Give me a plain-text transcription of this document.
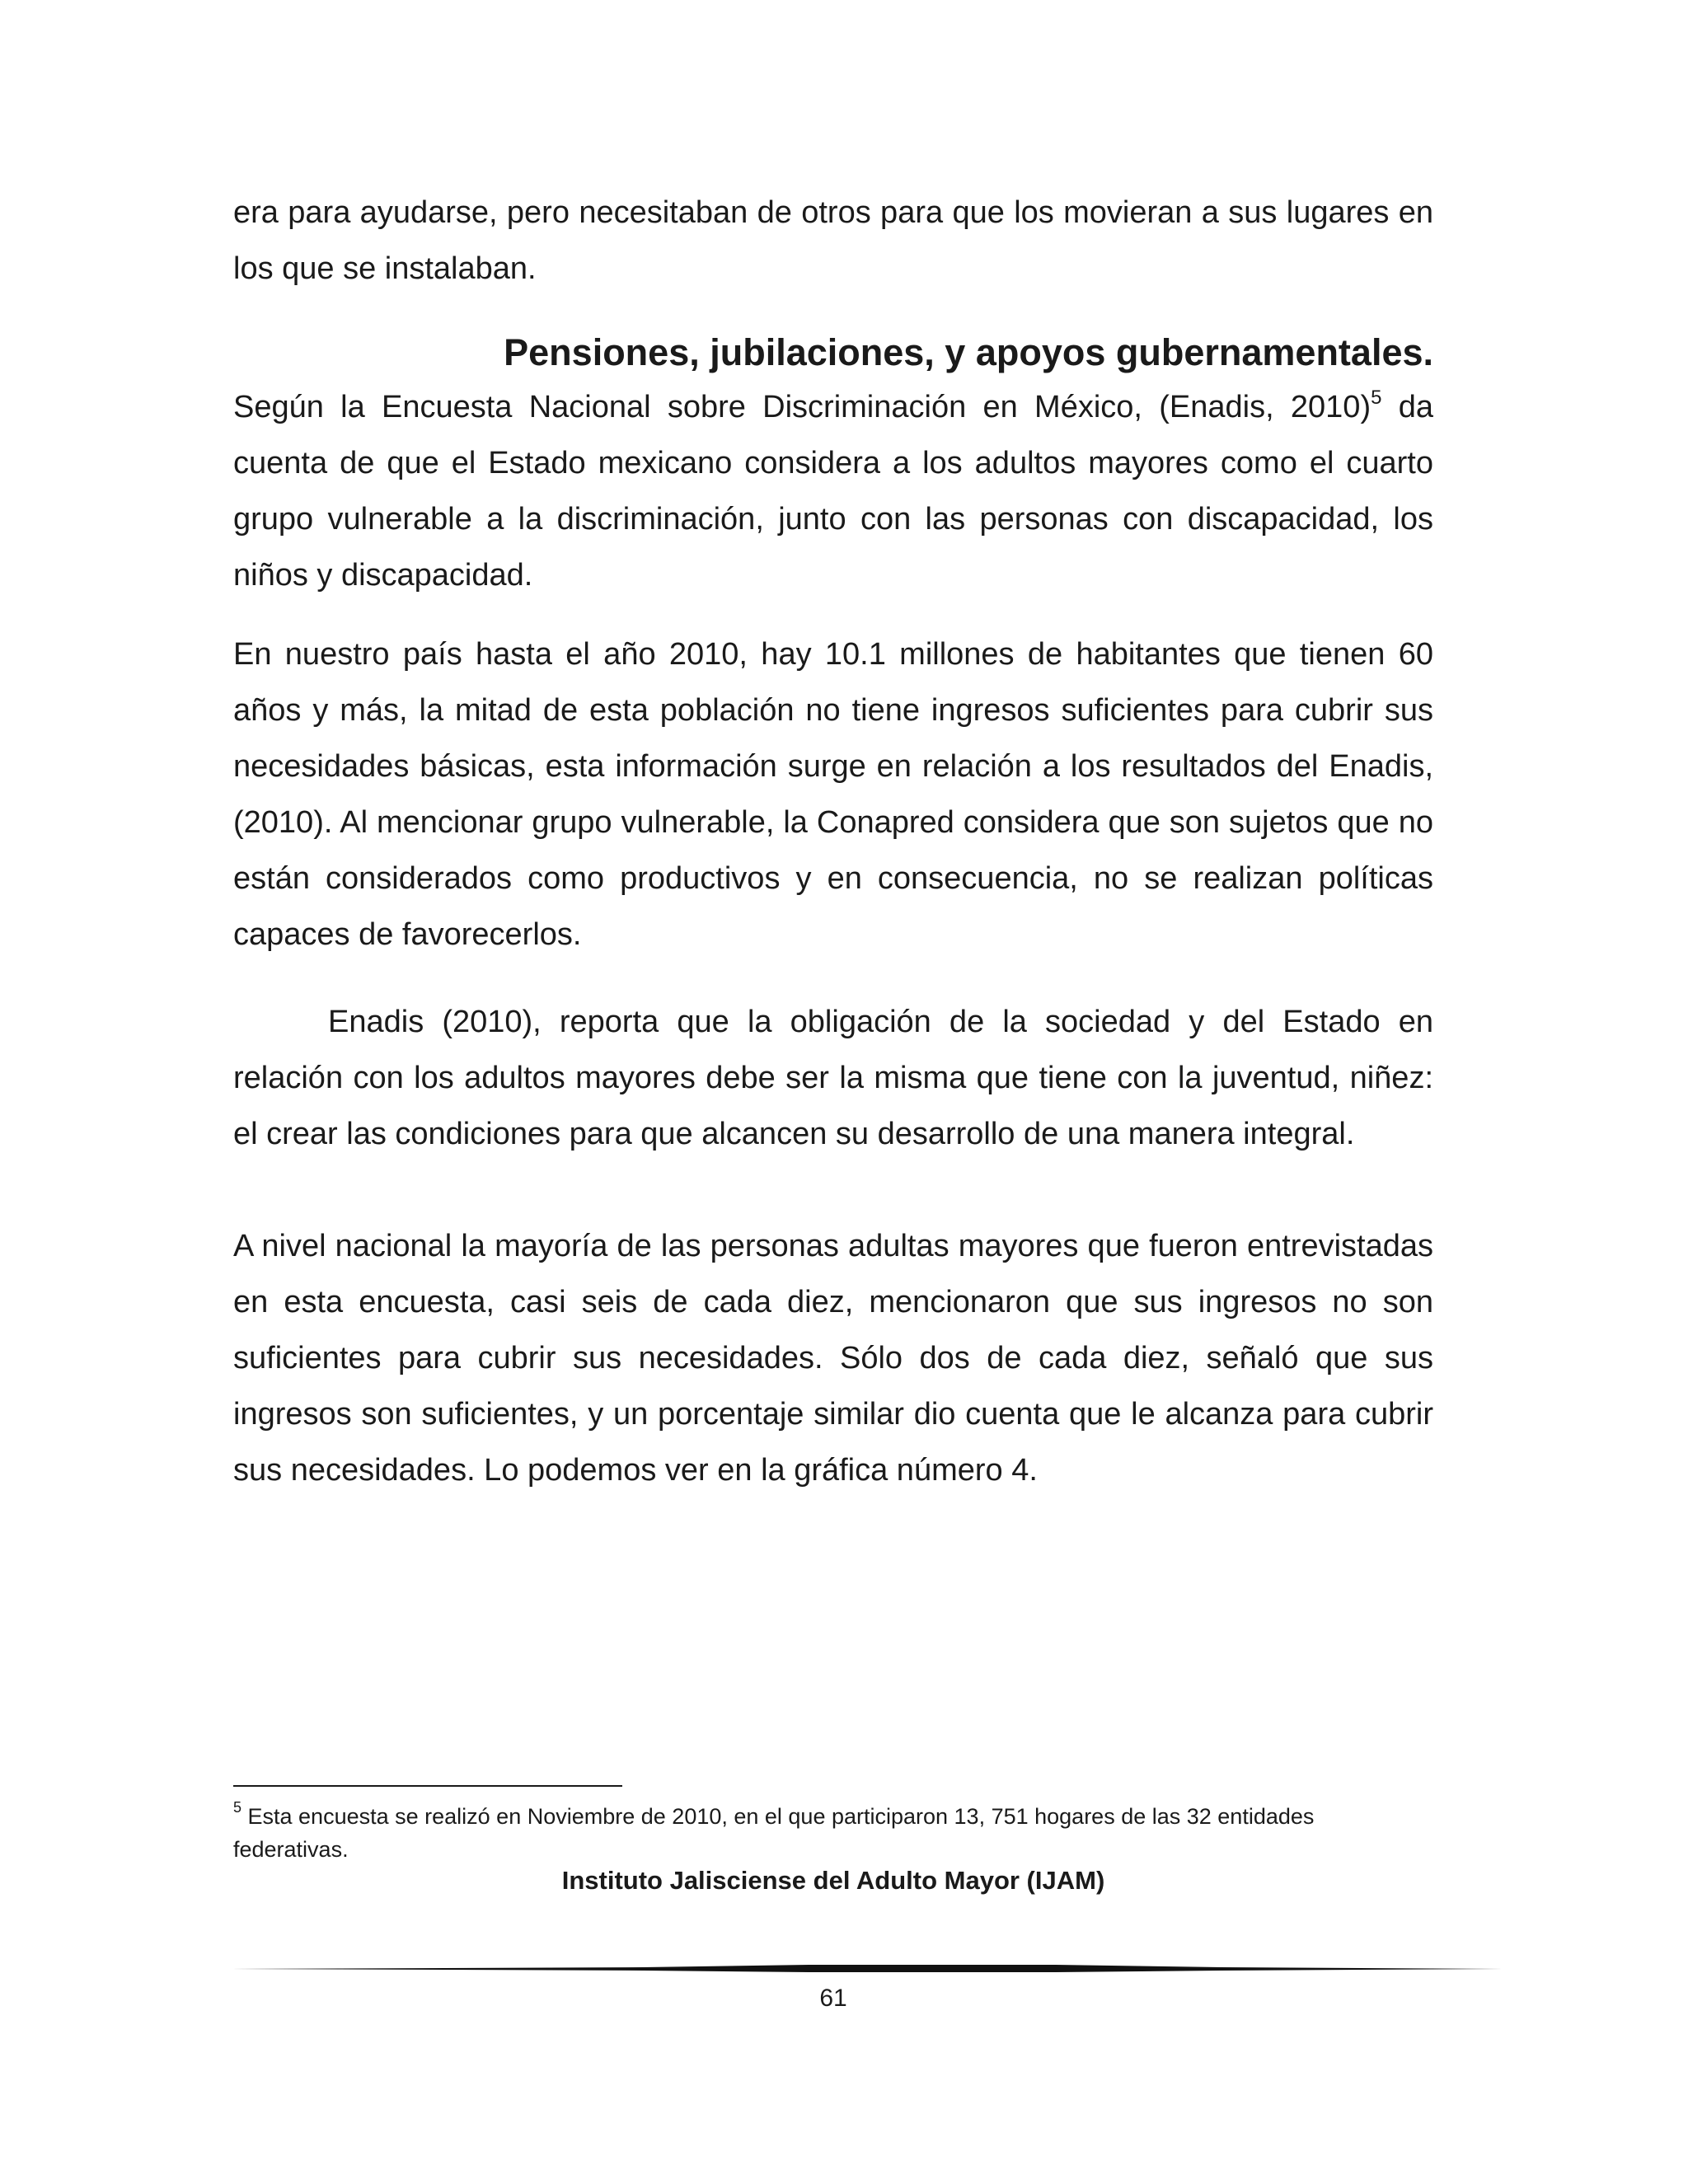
era para ayudarse, pero necesitaban de otros para que los movieran a sus lugares en los que se instalaban.

Pensiones, jubilaciones, y apoyos gubernamentales.

Según la Encuesta Nacional sobre Discriminación en México, (Enadis, 2010)$^5$ da cuenta de que el Estado mexicano considera a los adultos mayores como el cuarto grupo vulnerable a la discriminación, junto con las personas con discapacidad, los niños y discapacidad.

En nuestro país hasta el año 2010, hay 10.1 millones de habitantes que tienen 60 años y más, la mitad de esta población no tiene ingresos suficientes para cubrir sus necesidades básicas, esta información surge en relación a los resultados del Enadis, (2010). Al mencionar grupo vulnerable, la Conapred considera que son sujetos que no están considerados como productivos y en consecuencia, no se realizan políticas capaces de favorecerlos.

Enadis (2010), reporta que la obligación de la sociedad y del Estado en relación con los adultos mayores debe ser la misma que tiene con la juventud, niñez: el crear las condiciones para que alcancen su desarrollo de una manera integral.

A nivel nacional la mayoría de las personas adultas mayores que fueron entrevistadas en esta encuesta, casi seis de cada diez, mencionaron que sus ingresos no son suficientes para cubrir sus necesidades. Sólo dos de cada diez, señaló que sus ingresos son suficientes, y un porcentaje similar dio cuenta que le alcanza para cubrir sus necesidades. Lo podemos ver en la gráfica número 4.

$^5$ Esta encuesta se realizó en Noviembre de 2010, en el que participaron 13, 751 hogares de las 32 entidades federativas.
Instituto Jalisciense del Adulto Mayor (IJAM)
61
